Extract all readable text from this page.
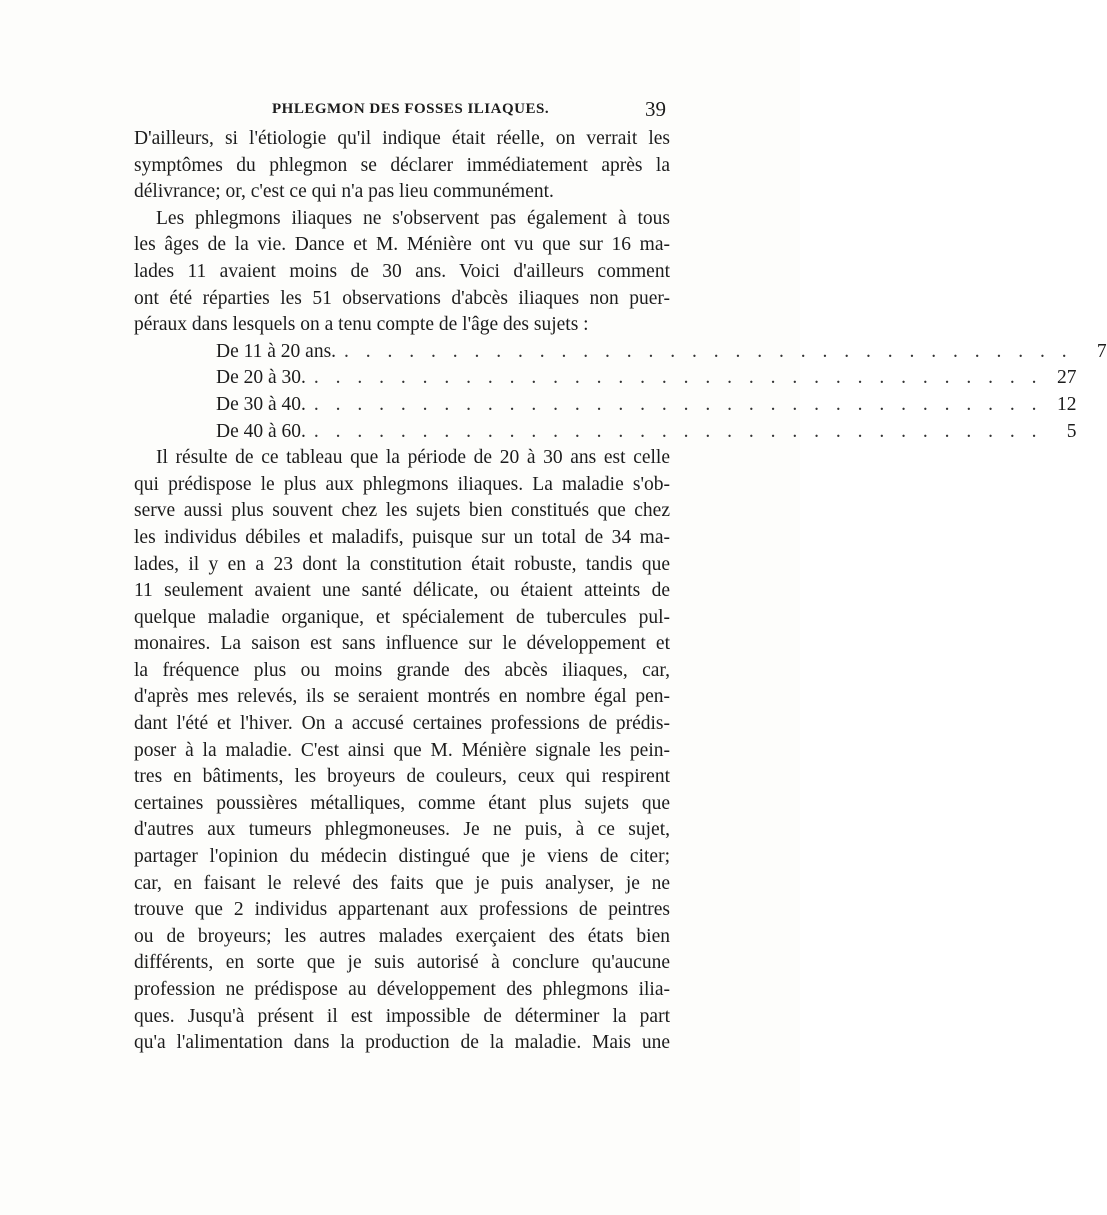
PHLEGMON DES FOSSES ILIAQUES.	39
D'ailleurs, si l'étiologie qu'il indique était réelle, on verrait les
symptômes du phlegmon se déclarer immédiatement après la
délivrance; or, c'est ce qui n'a pas lieu communément.
Les phlegmons iliaques ne s'observent pas également à tous
les âges de la vie. Dance et M. Ménière ont vu que sur 16 ma-
lades 11 avaient moins de 30 ans. Voici d'ailleurs comment
ont été réparties les 51 observations d'abcès iliaques non puer-
péraux dans lesquels on a tenu compte de l'âge des sujets :
De 11 à 20 ans. . . . . . . . . . . . . . . . . . . . . . . . . . . . . . . . . . .	7
De 20 à 30. . . . . . . . . . . . . . . . . . . . . . . . . . . . . . . . . . . 27
De 30 à 40. . . . . . . . . . . . . . . . . . . . . . . . . . . . . . . . . . . 12
De 40 à 60. . . . . . . . . . . . . . . . . . . . . . . . . . . . . . . . . . .	5
Il résulte de ce tableau que la période de 20 à 30 ans est celle
qui prédispose le plus aux phlegmons iliaques. La maladie s'ob-
serve aussi plus souvent chez les sujets bien constitués que chez
les individus débiles et maladifs, puisque sur un total de 34 ma-
lades, il y en a 23 dont la constitution était robuste, tandis que
11 seulement avaient une santé délicate, ou étaient atteints de
quelque maladie organique, et spécialement de tubercules pul-
monaires. La saison est sans influence sur le développement et
la fréquence plus ou moins grande des abcès iliaques, car,
d'après mes relevés, ils se seraient montrés en nombre égal pen-
dant l'été et l'hiver. On a accusé certaines professions de prédis-
poser à la maladie. C'est ainsi que M. Ménière signale les pein-
tres en bâtiments, les broyeurs de couleurs, ceux qui respirent
certaines poussières métalliques, comme étant plus sujets que
d'autres aux tumeurs phlegmoneuses. Je ne puis, à ce sujet,
partager l'opinion du médecin distingué que je viens de citer;
car, en faisant le relevé des faits que je puis analyser, je ne
trouve que 2 individus appartenant aux professions de peintres
ou de broyeurs; les autres malades exerçaient des états bien
différents, en sorte que je suis autorisé à conclure qu'aucune
profession ne prédispose au développement des phlegmons ilia-
ques. Jusqu'à présent il est impossible de déterminer la part
qu'a l'alimentation dans la production de la maladie. Mais une
